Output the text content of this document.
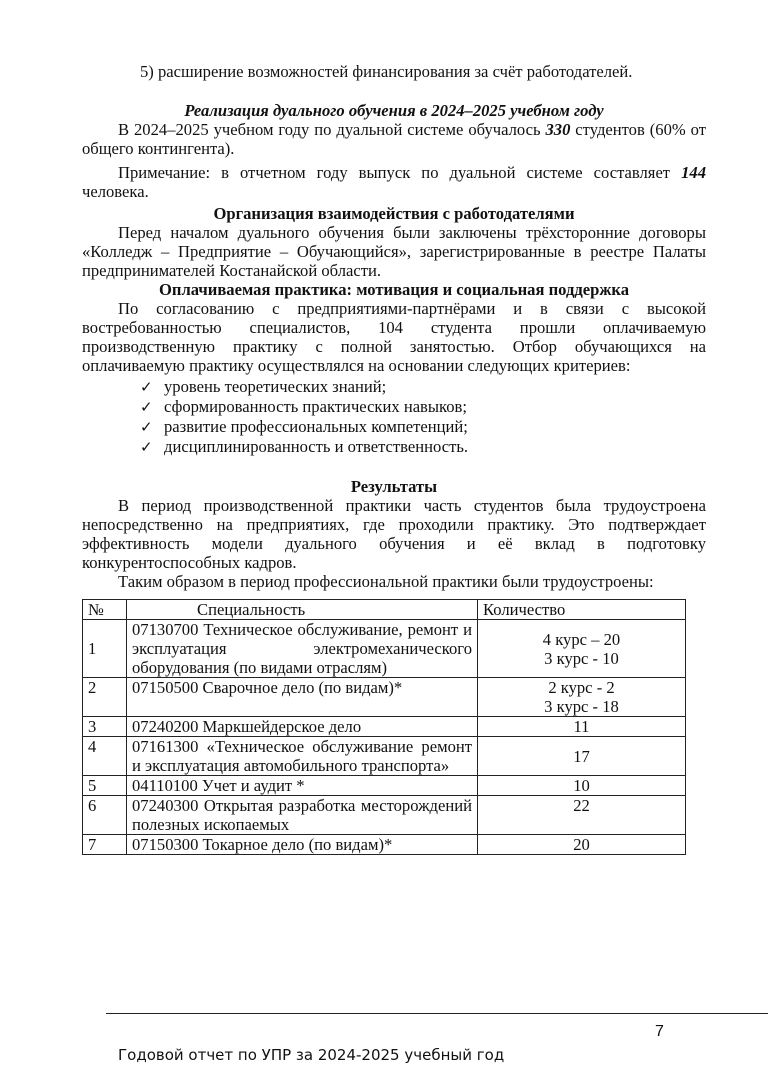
5) расширение возможностей финансирования за счёт работодателей.

Реализация дуального обучения в 2024–2025 учебном году

В 2024–2025 учебном году по дуальной системе обучалось 330 студентов (60% от общего контингента).

Примечание: в отчетном году выпуск по дуальной системе составляет 144 человека.

Организация взаимодействия с работодателями

Перед началом дуального обучения были заключены трёхсторонние договоры «Колледж – Предприятие – Обучающийся», зарегистрированные в реестре Палаты предпринимателей Костанайской области.

Оплачиваемая практика: мотивация и социальная поддержка

По согласованию с предприятиями-партнёрами и в связи с высокой востребованностью специалистов, 104 студента прошли оплачиваемую производственную практику с полной занятостью. Отбор обучающихся на оплачиваемую практику осуществлялся на основании следующих критериев:

✓ уровень теоретических знаний;
✓ сформированность практических навыков;
✓ развитие профессиональных компетенций;
✓ дисциплинированность и ответственность.

Результаты

В период производственной практики часть студентов была трудоустроена непосредственно на предприятиях, где проходили практику. Это подтверждает эффективность модели дуального обучения и её вклад в подготовку конкурентоспособных кадров.

Таким образом в период профессиональной практики были трудоустроены:

№	Специальность	Количество
1	07130700 Техническое обслуживание, ремонт и эксплуатация электромеханического оборудования (по видами отраслям)	4 курс – 20
3 курс - 10

2	07150500 Сварочное дело (по видам)*	2 курс - 2
3 курс - 18

3	07240200 Маркшейдерское дело	11
4	07161300 «Техническое обслуживание ремонт и эксплуатация автомобильного транспорта»	17
5	04110100 Учет и аудит *	10
6	07240300 Открытая разработка месторождений полезных ископаемых	22
7	07150300 Токарное дело (по видам)*	20
7
Годовой отчет по УПР за 2024-2025 учебный год
